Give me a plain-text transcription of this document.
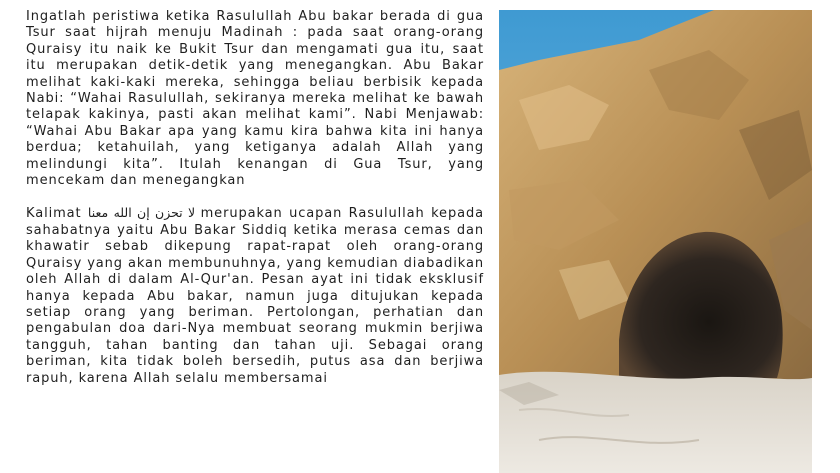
Ingatlah peristiwa ketika Rasulullah Abu bakar berada di gua Tsur saat hijrah menuju Madinah : pada saat orang-orang Quraisy itu naik ke Bukit Tsur dan mengamati gua itu, saat itu merupakan detik-detik yang menegangkan. Abu Bakar melihat kaki-kaki mereka, sehingga beliau berbisik kepada Nabi: “Wahai Rasulullah, sekiranya mereka melihat ke bawah telapak kakinya, pasti akan melihat kami”. Nabi Menjawab: “Wahai Abu Bakar apa yang kamu kira bahwa kita ini hanya berdua; ketahuilah, yang ketiganya adalah Allah yang melindungi kita”. Itulah kenangan di Gua Tsur, yang mencekam dan menegangkan

Kalimat لا تحزن إن الله معنا merupakan ucapan Rasulullah kepada sahabatnya yaitu Abu Bakar Siddiq ketika merasa cemas dan khawatir sebab dikepung rapat-rapat oleh orang-orang Quraisy yang akan membunuhnya, yang kemudian diabadikan oleh Allah di dalam Al-Qur'an. Pesan ayat ini tidak eksklusif hanya kepada Abu bakar, namun juga ditujukan kepada setiap orang yang beriman. Pertolongan, perhatian dan pengabulan doa dari-Nya membuat seorang mukmin berjiwa tangguh, tahan banting dan tahan uji. Sebagai orang beriman, kita tidak boleh bersedih, putus asa dan berjiwa rapuh, karena Allah selalu membersamai
